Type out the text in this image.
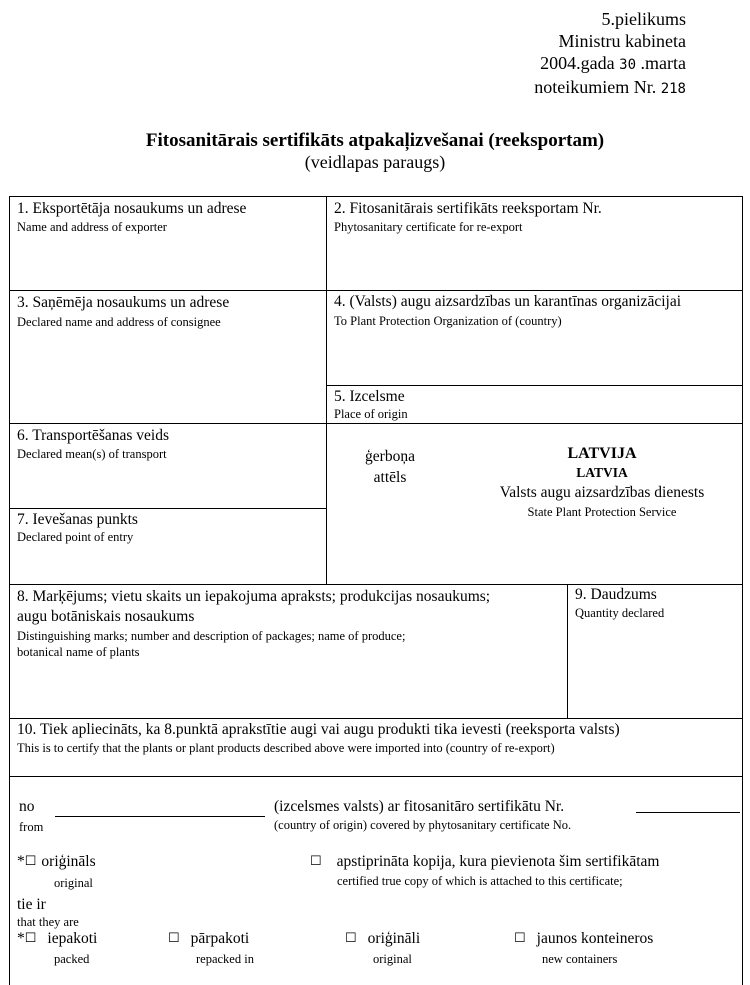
5.pielikums
Ministru kabineta
2004.gada 30 .marta
noteikumiem Nr. 218
Fitosanitārais sertifikāts atpakaļizvešanai (reeksportam)
(veidlapas paraugs)
1. Eksportētāja nosaukums un adrese
Name and address of exporter
2. Fitosanitārais sertifikāts reeksportam Nr.
Phytosanitary certificate for re-export
3. Saņēmēja nosaukums un adrese
Declared name and address of consignee
4. (Valsts) augu aizsardzības un karantīnas organizācijai
To Plant Protection Organization of (country)
5. Izcelsme
Place of origin
6. Transportēšanas veids
Declared mean(s) of transport
7. Ievešanas punkts
Declared point of entry
ģerboņa
attēls
LATVIJA
LATVIA
Valsts augu aizsardzības dienests
State Plant Protection Service
8. Marķējums; vietu skaits un iepakojuma apraksts; produkcijas nosaukums;
augu botāniskais nosaukums
Distinguishing marks; number and description of packages; name of produce;
botanical name of plants
9. Daudzums
Quantity declared
10. Tiek apliecināts, ka 8.punktā aprakstītie augi vai augu produkti tika ievesti (reeksporta valsts)
This is to certify that the plants or plant products described above were imported into (country of re-export)
no
from
(izcelsmes valsts) ar fitosanitāro sertifikātu Nr.
(country of origin) covered by phytosanitary certificate No.
*☐ oriģināls
original
☐ apstiprināta kopija, kura pievienota šim sertifikātam
certified true copy of which is attached to this certificate;
tie ir
that they are
*☐ iepakoti
packed
☐ pārpakoti
repacked in
☐ oriģināli
original
☐ jaunos konteineros
new containers
